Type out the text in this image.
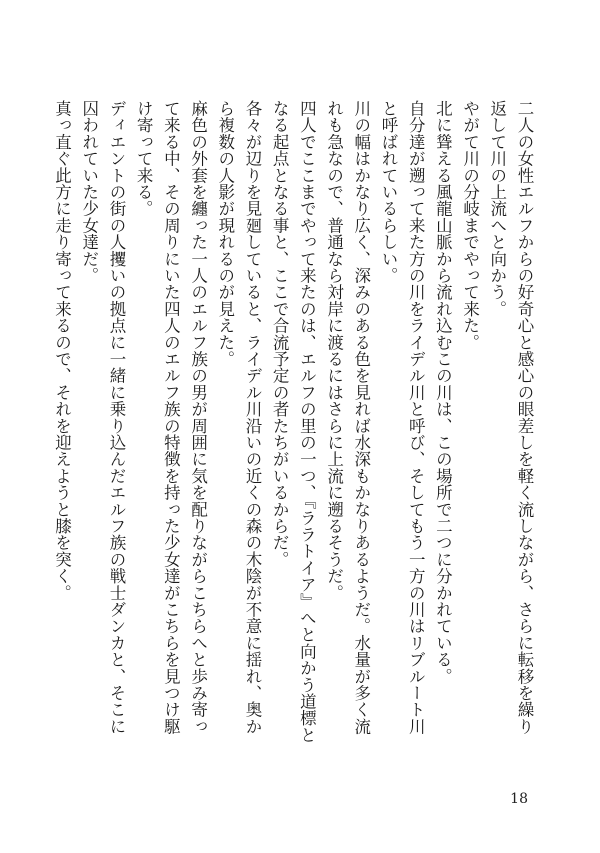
二人の女性エルフからの好奇心と感心の眼差しを軽く流しながら、さらに転移を繰り返して川の上流へと向かう。

やがて川の分岐までやって来た。

北に聳える風龍山脈から流れ込むこの川は、この場所で二つに分かれている。

自分達が遡って来た方の川をライデル川と呼び、そしてもう一方の川はリブルート川と呼ばれているらしい。

川の幅はかなり広く、深みのある色を見れば水深もかなりあるようだ。水量が多く流れも急なので、普通なら対岸に渡るにはさらに上流に遡るそうだ。

四人でここまでやって来たのは、エルフの里の一つ、『ララトイア』へと向かう道標となる起点となる事と、ここで合流予定の者たちがいるからだ。

各々が辺りを見廻していると、ライデル川沿いの近くの森の木陰が不意に揺れ、奥から複数の人影が現れるのが見えた。

麻色の外套を纏った一人のエルフ族の男が周囲に気を配りながらこちらへと歩み寄って来る中、その周りにいた四人のエルフ族の特徴を持った少女達がこちらを見つけ駆け寄って来る。

ディエントの街の人攫いの拠点に一緒に乗り込んだエルフ族の戦士ダンカと、そこに囚われていた少女達だ。

真っ直ぐ此方に走り寄って来るので、それを迎えようと膝を突く。

18
